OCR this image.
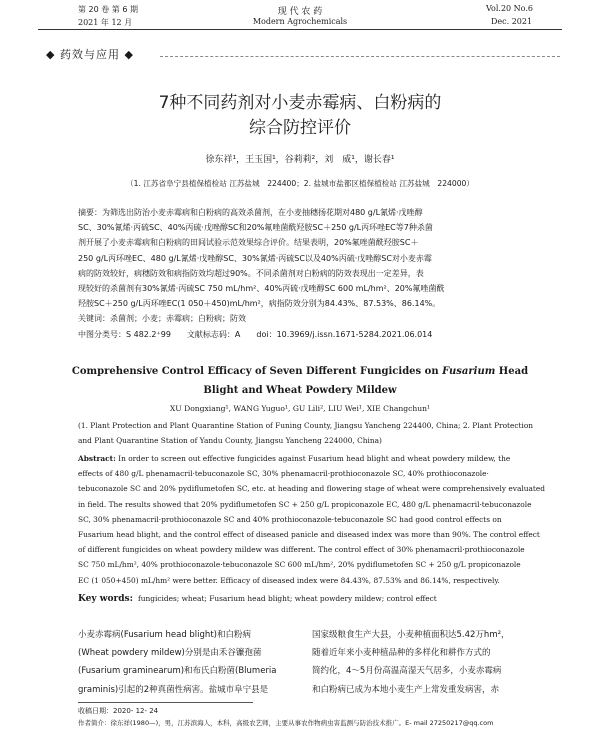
第 20 卷 第 6 期	现 代 农 药	Vol.20 No.6
2021 年 12 月	Modern Agrochemicals	Dec. 2021
◆ 药效与应用 ◆
7种不同药剂对小麦赤霉病、白粉病的
综合防控评价
徐东祥¹，王玉国¹，谷莉莉²，刘　威¹，谢长春¹
（1. 江苏省阜宁县植保植检站 江苏盐城　224400；2. 盐城市盐都区植保植检站 江苏盐城　224000）
摘要：为筛选出防治小麦赤霉病和白粉病的高效杀菌剂，在小麦抽穗扬花期对480 g/L氰烯·戊唑醇
SC、30%氰烯·丙硫SC、40%丙硫·戊唑醇SC和20%氟唑菌酰羟胺SC＋250 g/L丙环唑EC等7种杀菌
剂开展了小麦赤霉病和白粉病的田间试验示范效果综合评价。结果表明，20%氟唑菌酰羟胺SC＋
250 g/L丙环唑EC、480 g/L氰烯·戊唑醇SC、30%氰烯·丙硫SC以及40%丙硫·戊唑醇SC对小麦赤霉
病的防效较好，病穗防效和病指防效均超过90%。不同杀菌剂对白粉病的防效表现出一定差异，表
现较好的杀菌剂有30%氰烯·丙硫SC 750 mL/hm²、40%丙硫·戊唑醇SC 600 mL/hm²、20%氟唑菌酰
羟胺SC＋250 g/L丙环唑EC(1 050＋450)mL/hm²，病指防效分别为84.43%、87.53%、86.14%。
关键词：杀菌剂；小麦；赤霉病；白粉病；防效
中图分类号：S 482.2⁺99　　文献标志码：A　　doi：10.3969/j.issn.1671-5284.2021.06.014
Comprehensive Control Efficacy of Seven Different Fungicides on Fusarium Head
Blight and Wheat Powdery Mildew
XU Dongxiang¹, WANG Yuguo¹, GU Lili², LIU Wei¹, XIE Changchun¹
(1. Plant Protection and Plant Quarantine Station of Funing County, Jiangsu Yancheng 224400, China; 2. Plant Protection
and Plant Quarantine Station of Yandu County, Jiangsu Yancheng 224000, China)
Abstract: In order to screen out effective fungicides against Fusarium head blight and wheat powdery mildew, the
effects of 480 g/L phenamacril·tebuconazole SC, 30% phenamacril·prothioconazole SC, 40% prothioconazole·
tebuconazole SC and 20% pydiflumetofen SC, etc. at heading and flowering stage of wheat were comprehensively evaluated
in field. The results showed that 20% pydiflumetofen SC + 250 g/L propiconazole EC, 480 g/L phenamacril·tebuconazole
SC, 30% phenamacril·prothioconazole SC and 40% prothioconazole·tebuconazole SC had good control effects on
Fusarium head blight, and the control effect of diseased panicle and diseased index was more than 90%. The control effect
of different fungicides on wheat powdery mildew was different. The control effect of 30% phenamacril·prothioconazole
SC 750 mL/hm², 40% prothioconazole·tebuconazole SC 600 mL/hm², 20% pydiflumetofen SC + 250 g/L propiconazole
EC (1 050+450) mL/hm² were better. Efficacy of diseased index were 84.43%, 87.53% and 86.14%, respectively.
Key words: fungicides; wheat; Fusarium head blight; wheat powdery mildew; control effect
小麦赤霉病(Fusarium head blight)和白粉病
(Wheat powdery mildew)分别是由禾谷镰孢菌
(Fusarium graminearum)和布氏白粉菌(Blumeria
graminis)引起的2种真菌性病害。盐城市阜宁县是
国家级粮食生产大县，小麦种植面积达5.42万hm²，
随着近年来小麦种植品种的多样化和耕作方式的
简约化，4～5月份高温高湿天气居多，小麦赤霉病
和白粉病已成为本地小麦生产上常发重发病害，赤
收稿日期：2020- 12- 24
作者简介：徐东祥(1980—)，男，江苏滨海人，本科，高级农艺师，主要从事农作物病虫害监测与防治技术推广。E- mail 27250217@qq.com
